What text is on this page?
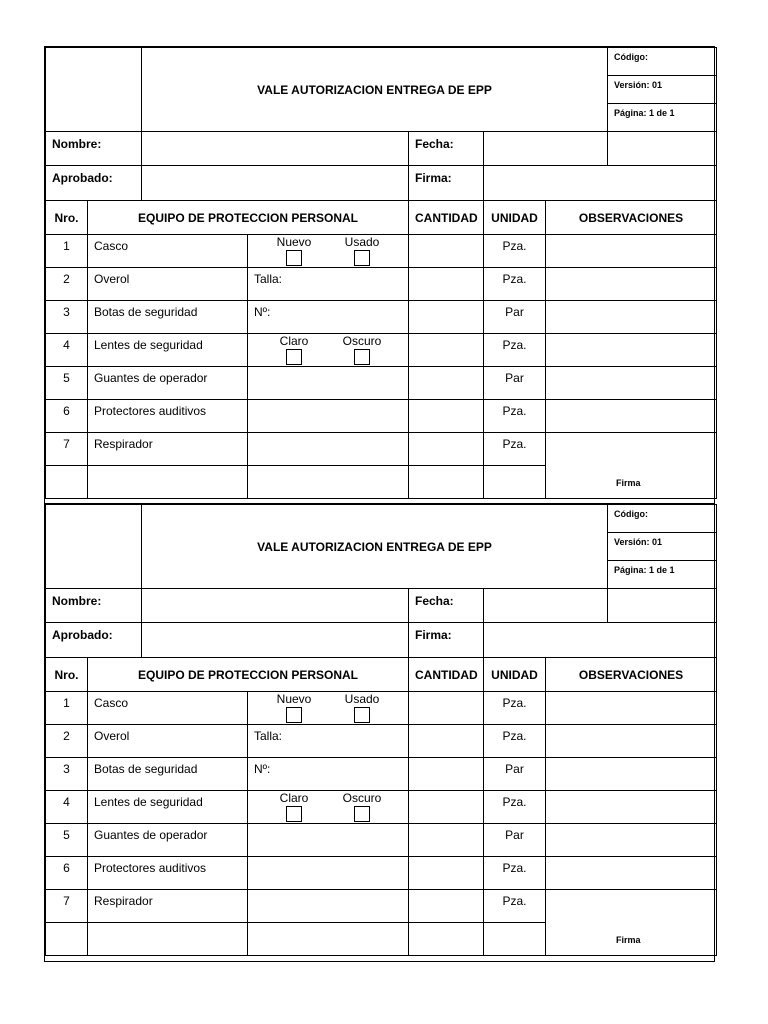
		VALE AUTORIZACION ENTREGA DE EPP					Código:
							Versión: 01
							Página: 1 de 1
Nombre:				Fecha:			
Aprobado:				Firma:			
Nro.	EQUIPO DE PROTECCION PERSONAL			CANTIDAD	UNIDAD	OBSERVACIONES	
1	Casco		Nuevo Usado		Pza.		
2	Overol		Talla:		Pza.		
3	Botas de seguridad		Nº:		Par		
4	Lentes de seguridad		Claro Oscuro		Pza.		
5	Guantes de operador				Par		
6	Protectores auditivos				Pza.		
7	Respirador				Pza.	Firma	

		VALE AUTORIZACION ENTREGA DE EPP					Código:
							Versión: 01
							Página: 1 de 1
Nombre:				Fecha:			
Aprobado:				Firma:			
Nro.	EQUIPO DE PROTECCION PERSONAL			CANTIDAD	UNIDAD	OBSERVACIONES	
1	Casco		Nuevo Usado		Pza.		
2	Overol		Talla:		Pza.		
3	Botas de seguridad		Nº:		Par		
4	Lentes de seguridad		Claro Oscuro		Pza.		
5	Guantes de operador				Par		
6	Protectores auditivos				Pza.		
7	Respirador				Pza.	Firma	
